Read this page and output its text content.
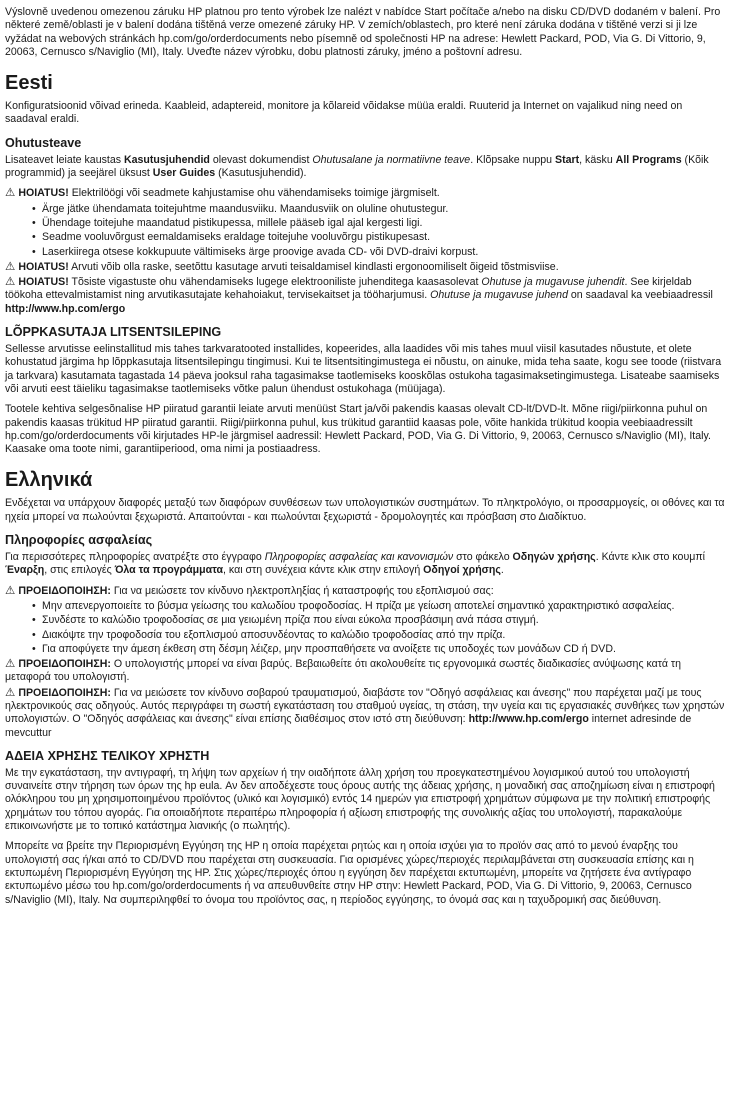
Výslovně uvedenou omezenou záruku HP platnou pro tento výrobek lze nalézt v nabídce Start počítače a/nebo na disku CD/DVD dodaném v balení. Pro některé země/oblasti je v balení dodána tištěná verze omezené záruky HP. V zemích/oblastech, pro které není záruka dodána v tištěné verzi si ji lze vyžádat na webových stránkách hp.com/go/orderdocuments nebo písemně od společnosti HP na adrese: Hewlett Packard, POD, Via G. Di Vittorio, 9, 20063, Cernusco s/Naviglio (MI), Italy. Uveďte název výrobku, dobu platnosti záruky, jméno a poštovní adresu.

Eesti

Konfiguratsioonid võivad erineda. Kaableid, adaptereid, monitore ja kõlareid võidakse müüa eraldi. Ruuterid ja Internet on vajalikud ning need on saadaval eraldi.

Ohutusteave

Lisateavet leiate kaustas Kasutusjuhendid olevast dokumendist Ohutusalane ja normatiivne teave. Klõpsake nuppu Start, käsku All Programs (Kõik programmid) ja seejärel üksust User Guides (Kasutusjuhendid).

⚠ HOIATUS! Elektrilöögi või seadmete kahjustamise ohu vähendamiseks toimige järgmiselt.

• Ärge jätke ühendamata toitejuhtme maandusviiku. Maandusviik on oluline ohutustegur.
• Ühendage toitejuhe maandatud pistikupessa, millele pääseb igal ajal kergesti ligi.
• Seadme vooluvõrgust eemaldamiseks eraldage toitejuhe vooluvõrgu pistikupesast.
• Laserkiirega otsese kokkupuute vältimiseks ärge proovige avada CD- või DVD-draivi korpust.

⚠ HOIATUS! Arvuti võib olla raske, seetõttu kasutage arvuti teisaldamisel kindlasti ergonoomiliselt õigeid tõstmisviise.

⚠ HOIATUS! Tõsiste vigastuste ohu vähendamiseks lugege elektrooniliste juhenditega kaasasolevat Ohutuse ja mugavuse juhendit. See kirjeldab töökoha ettevalmistamist ning arvutikasutajate kehahoiakut, tervisekaitset ja tööharjumusi. Ohutuse ja mugavuse juhend on saadaval ka veebiaadressil http://www.hp.com/ergo

LÕPPKASUTAJA LITSENTSILEPING

Sellesse arvutisse eelinstallitud mis tahes tarkvaratooted installides, kopeerides, alla laadides või mis tahes muul viisil kasutades nõustute, et olete kohustatud järgima hp lõppkasutaja litsentsilepingu tingimusi. Kui te litsentsitingimustega ei nõustu, on ainuke, mida teha saate, kogu see toode (riistvara ja tarkvara) kasutamata tagastada 14 päeva jooksul raha tagasimakse taotlemiseks kooskõlas ostukoha tagasimaksetingimustega. Lisateabe saamiseks või arvuti eest täieliku tagasimakse taotlemiseks võtke palun ühendust ostukohaga (müüjaga).

Tootele kehtiva selgesõnalise HP piiratud garantii leiate arvuti menüüst Start ja/või pakendis kaasas olevalt CD-lt/DVD-lt. Mõne riigi/piirkonna puhul on pakendis kaasas trükitud HP piiratud garantii. Riigi/piirkonna puhul, kus trükitud garantiid kaasas pole, võite hankida trükitud koopia veebiaadressilt hp.com/go/orderdocuments või kirjutades HP-le järgmisel aadressil: Hewlett Packard, POD, Via G. Di Vittorio, 9, 20063, Cernusco s/Naviglio (MI), Italy. Kaasake oma toote nimi, garantiiperiood, oma nimi ja postiaadress.

Ελληνικά

Ενδέχεται να υπάρχουν διαφορές μεταξύ των διαφόρων συνθέσεων των υπολογιστικών συστημάτων. Το πληκτρολόγιο, οι προσαρμογείς, οι οθόνες και τα ηχεία μπορεί να πωλούνται ξεχωριστά. Απαιτούνται - και πωλούνται ξεχωριστά - δρομολογητές και πρόσβαση στο Διαδίκτυο.

Πληροφορίες ασφαλείας

Για περισσότερες πληροφορίες ανατρέξτε στο έγγραφο Πληροφορίες ασφαλείας και κανονισμών στο φάκελο Οδηγών χρήσης. Κάντε κλικ στο κουμπί Έναρξη, στις επιλογές Όλα τα προγράμματα, και στη συνέχεια κάντε κλικ στην επιλογή Οδηγοί χρήσης.

⚠ ΠΡΟΕΙΔΟΠΟΙΗΣΗ: Για να μειώσετε τον κίνδυνο ηλεκτροπληξίας ή καταστροφής του εξοπλισμού σας:

• Μην απενεργοποιείτε το βύσμα γείωσης του καλωδίου τροφοδοσίας. Η πρίζα με γείωση αποτελεί σημαντικό χαρακτηριστικό ασφαλείας.
• Συνδέστε το καλώδιο τροφοδοσίας σε μια γειωμένη πρίζα που είναι εύκολα προσβάσιμη ανά πάσα στιγμή.
• Διακόψτε την τροφοδοσία του εξοπλισμού αποσυνδέοντας το καλώδιο τροφοδοσίας από την πρίζα.
• Για αποφύγετε την άμεση έκθεση στη δέσμη λέιζερ, μην προσπαθήσετε να ανοίξετε τις υποδοχές των μονάδων CD ή DVD.

⚠ ΠΡΟΕΙΔΟΠΟΙΗΣΗ: Ο υπολογιστής μπορεί να είναι βαρύς. Βεβαιωθείτε ότι ακολουθείτε τις εργονομικά σωστές διαδικασίες ανύψωσης κατά τη μεταφορά του υπολογιστή.

⚠ ΠΡΟΕΙΔΟΠΟΙΗΣΗ: Για να μειώσετε τον κίνδυνο σοβαρού τραυματισμού, διαβάστε τον "Οδηγό ασφάλειας και άνεσης" που παρέχεται μαζί με τους ηλεκτρονικούς σας οδηγούς. Αυτός περιγράφει τη σωστή εγκατάσταση του σταθμού υγείας, τη στάση, την υγεία και τις εργασιακές συνθήκες των χρηστών υπολογιστών. Ο "Οδηγός ασφάλειας και άνεσης" είναι επίσης διαθέσιμος στον ιστό στη διεύθυνση: http://www.hp.com/ergo internet adresinde de mevcuttur

ΑΔΕΙΑ ΧΡΗΣΗΣ ΤΕΛΙΚΟΥ ΧΡΗΣΤΗ

Με την εγκατάσταση, την αντιγραφή, τη λήψη των αρχείων ή την οιαδήποτε άλλη χρήση του προεγκατεστημένου λογισμικού αυτού του υπολογιστή συναινείτε στην τήρηση των όρων της hp eula. Αν δεν αποδέχεστε τους όρους αυτής της άδειας χρήσης, η μοναδική σας αποζημίωση είναι η επιστροφή ολόκληρου του μη χρησιμοποιημένου προϊόντος (υλικό και λογισμικό) εντός 14 ημερών για επιστροφή χρημάτων σύμφωνα με την πολιτική επιστροφής χρημάτων του τόπου αγοράς. Για οποιαδήποτε περαιτέρω πληροφορία ή αξίωση επιστροφής της συνολικής αξίας του υπολογιστή, παρακαλούμε επικοινωνήστε με το τοπικό κατάστημα λιανικής (ο πωλητής).

Μπορείτε να βρείτε την Περιορισμένη Εγγύηση της HP η οποία παρέχεται ρητώς και η οποία ισχύει για το προϊόν σας από το μενού έναρξης του υπολογιστή σας ή/και από το CD/DVD που παρέχεται στη συσκευασία. Για ορισμένες χώρες/περιοχές περιλαμβάνεται στη συσκευασία επίσης και η εκτυπωμένη Περιορισμένη Εγγύηση της HP. Στις χώρες/περιοχές όπου η εγγύηση δεν παρέχεται εκτυπωμένη, μπορείτε να ζητήσετε ένα αντίγραφο εκτυπωμένο μέσω του hp.com/go/orderdocuments ή να απευθυνθείτε στην HP στην: Hewlett Packard, POD, Via G. Di Vittorio, 9, 20063, Cernusco s/Naviglio (MI), Italy. Να συμπεριληφθεί το όνομα του προϊόντος σας, η περίοδος εγγύησης, το όνομά σας και η ταχυδρομική σας διεύθυνση.
